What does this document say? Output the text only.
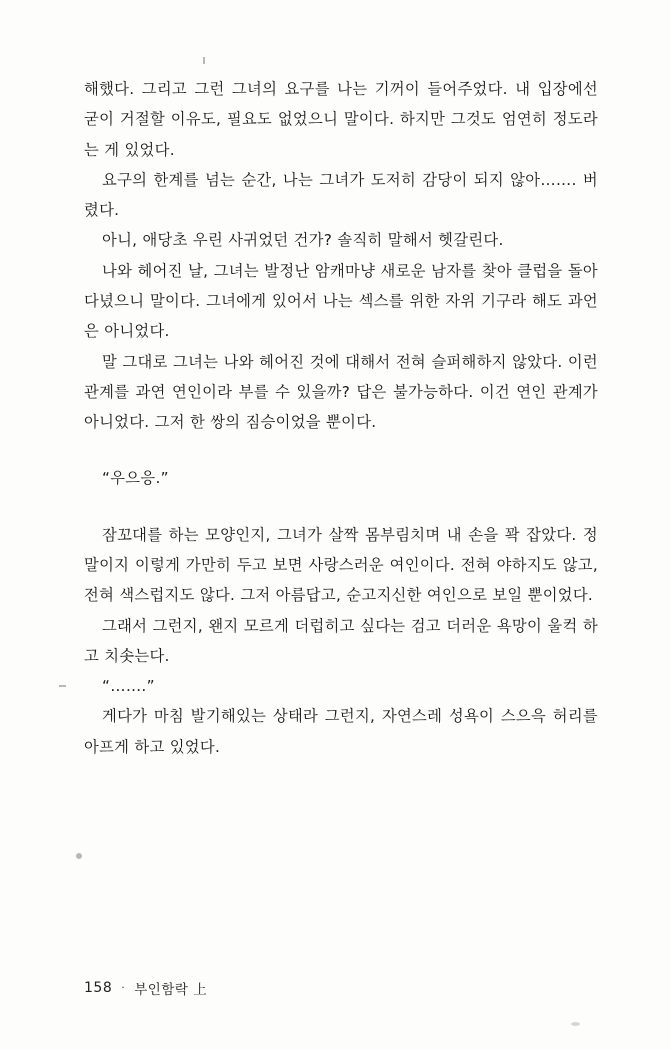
해했다. 그리고 그런 그녀의 요구를 나는 기꺼이 들어주었다. 내 입장에선 굳이 거절할 이유도, 필요도 없었으니 말이다. 하지만 그것도 엄연히 정도라는 게 있었다.

요구의 한계를 넘는 순간, 나는 그녀가 도저히 감당이 되지 않아……. 버렸다.

아니, 애당초 우린 사귀었던 건가? 솔직히 말해서 헷갈린다.

나와 헤어진 날, 그녀는 발정난 암캐마냥 새로운 남자를 찾아 클럽을 돌아다녔으니 말이다. 그녀에게 있어서 나는 섹스를 위한 자위 기구라 해도 과언은 아니었다.

말 그대로 그녀는 나와 헤어진 것에 대해서 전혀 슬퍼해하지 않았다. 이런 관계를 과연 연인이라 부를 수 있을까? 답은 불가능하다. 이건 연인 관계가 아니었다. 그저 한 쌍의 짐승이었을 뿐이다.

“우으응.”

잠꼬대를 하는 모양인지, 그녀가 살짝 몸부림치며 내 손을 꽉 잡았다. 정말이지 이렇게 가만히 두고 보면 사랑스러운 여인이다. 전혀 야하지도 않고, 전혀 색스럽지도 않다. 그저 아름답고, 순고지신한 여인으로 보일 뿐이었다.

그래서 그런지, 왠지 모르게 더럽히고 싶다는 검고 더러운 욕망이 울컥 하고 치솟는다.

“…….”

게다가 마침 발기해있는 상태라 그런지, 자연스레 성욕이 스으윽 허리를 아프게 하고 있었다.

158 · 부인함락 上
